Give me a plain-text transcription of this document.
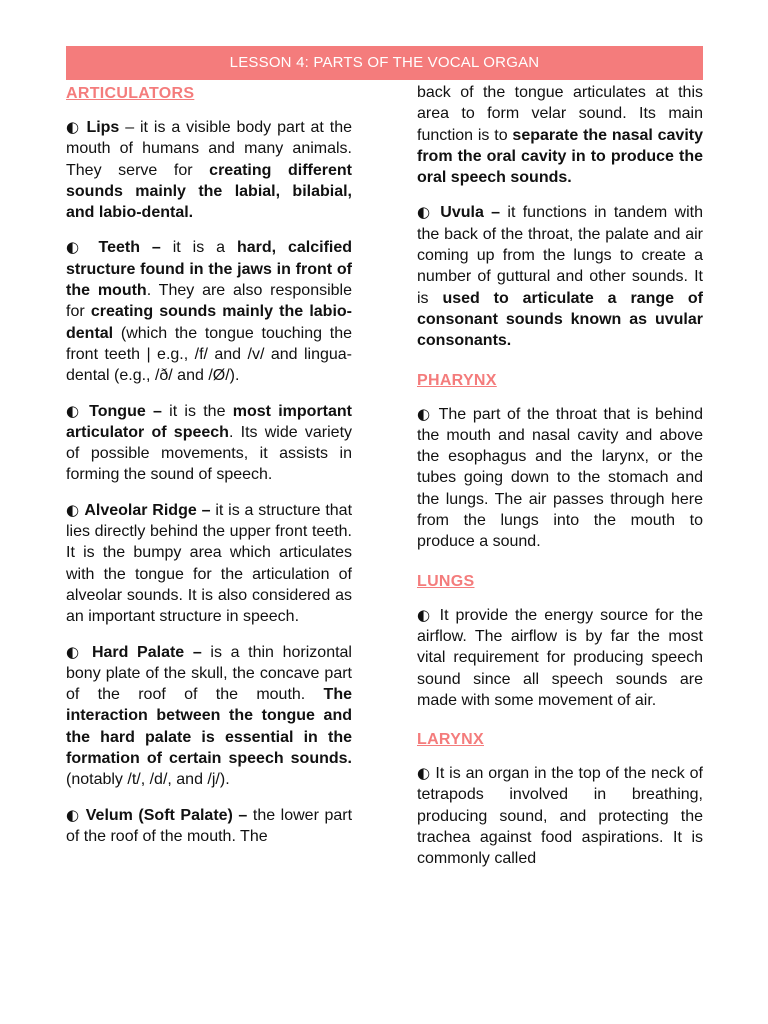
LESSON 4: PARTS OF THE VOCAL ORGAN
ARTICULATORS

◐ Lips – it is a visible body part at the mouth of humans and many animals. They serve for creating different sounds mainly the labial, bilabial, and labio-dental.

◐ Teeth – it is a hard, calcified structure found in the jaws in front of the mouth. They are also responsible for creating sounds mainly the labio-dental (which the tongue touching the front teeth | e.g., /f/ and /v/ and lingua-dental (e.g., /ð/ and /Ø/).

◐ Tongue – it is the most important articulator of speech. Its wide variety of possible movements, it assists in forming the sound of speech.

◐ Alveolar Ridge – it is a structure that lies directly behind the upper front teeth. It is the bumpy area which articulates with the tongue for the articulation of alveolar sounds. It is also considered as an important structure in speech.

◐ Hard Palate – is a thin horizontal bony plate of the skull, the concave part of the roof of the mouth. The interaction between the tongue and the hard palate is essential in the formation of certain speech sounds. (notably /t/, /d/, and /j/).

◐ Velum (Soft Palate) – the lower part of the roof of the mouth. The

back of the tongue articulates at this area to form velar sound. Its main function is to separate the nasal cavity from the oral cavity in to produce the oral speech sounds.

◐ Uvula – it functions in tandem with the back of the throat, the palate and air coming up from the lungs to create a number of guttural and other sounds. It is used to articulate a range of consonant sounds known as uvular consonants.

PHARYNX

◐ The part of the throat that is behind the mouth and nasal cavity and above the esophagus and the larynx, or the tubes going down to the stomach and the lungs. The air passes through here from the lungs into the mouth to produce a sound.

LUNGS

◐ It provide the energy source for the airflow. The airflow is by far the most vital requirement for producing speech sound since all speech sounds are made with some movement of air.

LARYNX

◐ It is an organ in the top of the neck of tetrapods involved in breathing, producing sound, and protecting the trachea against food aspirations. It is commonly called
